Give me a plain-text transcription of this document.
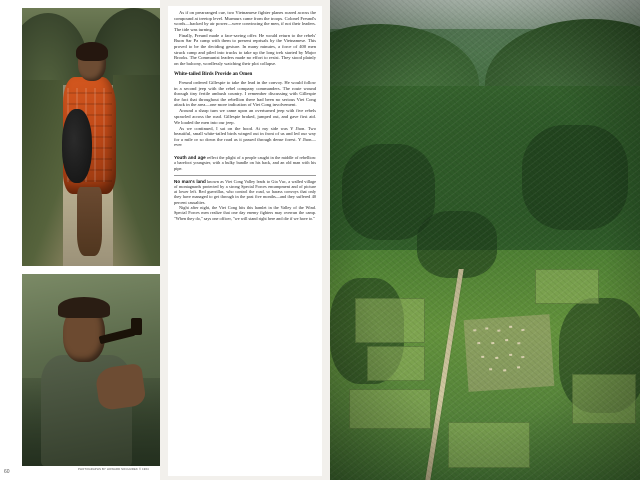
60	PHOTOGRAPHS BY HOWARD SOCHUREK © 1964

As if on prearranged cue, two Vietnamese fighter planes roared across the compound at treetop level. Murmurs came from the troops. Colonel Freund's words—backed by air power—were convincing the men, if not their leaders. The tide was turning.

Finally, Freund made a face-saving offer. He would return to the rebels' Buon Sar Pa camp with them to present reprisals by the Vietnamese. This proved to be the deciding gesture. In many minutes, a force of 400 men struck camp and piled into trucks to take up the long trek started by Major Brooks. The Communist leaders made no effort to resist. They stood plainly on the balcony, wordlessly watching their plot collapse.

White-tailed Birds Provide an Omen

Freund ordered Gillespie to take the lead in the convoy. He would follow in a second jeep with the rebel company commanders. The route wound through tiny fertile ambush country. I remember discussing with Gillespie the fact that throughout the rebellion there had been no serious Viet Cong attack in the area—one more indication of Viet Cong involvement.

Around a sharp turn we came upon an overturned jeep with five rebels sprawled across the road. Gillespie braked, jumped out, and gave first aid. We loaded the men into our jeep.

As we continued, I sat on the hood. At my side was Y Jhon. Two beautiful, small white-tailed birds winged out in front of us and led our way for a mile or so down the road as it passed through dense forest. Y Jhon—ever

Youth and age reflect the plight of a people caught in the middle of rebellion: a barefoot youngster, with a bulky bundle on his back, and an old man with his pipe.

No man's land known as Viet Cong Valley leads to Gia Vuc, a walled village of montagnards protected by a strong Special Forces encampment and of picture at lower left. Red guerrillas, who control the road, so harass convoys that only they have managed to get through in the past five months—and they suffered 40 percent casualties.

Night after night, the Viet Cong hits this hamlet in the Valley of the Wind. Special Forces men realize that one day enemy fighters may overrun the camp. "When they do," says one officer, "we will stand right here and die if we have to."
